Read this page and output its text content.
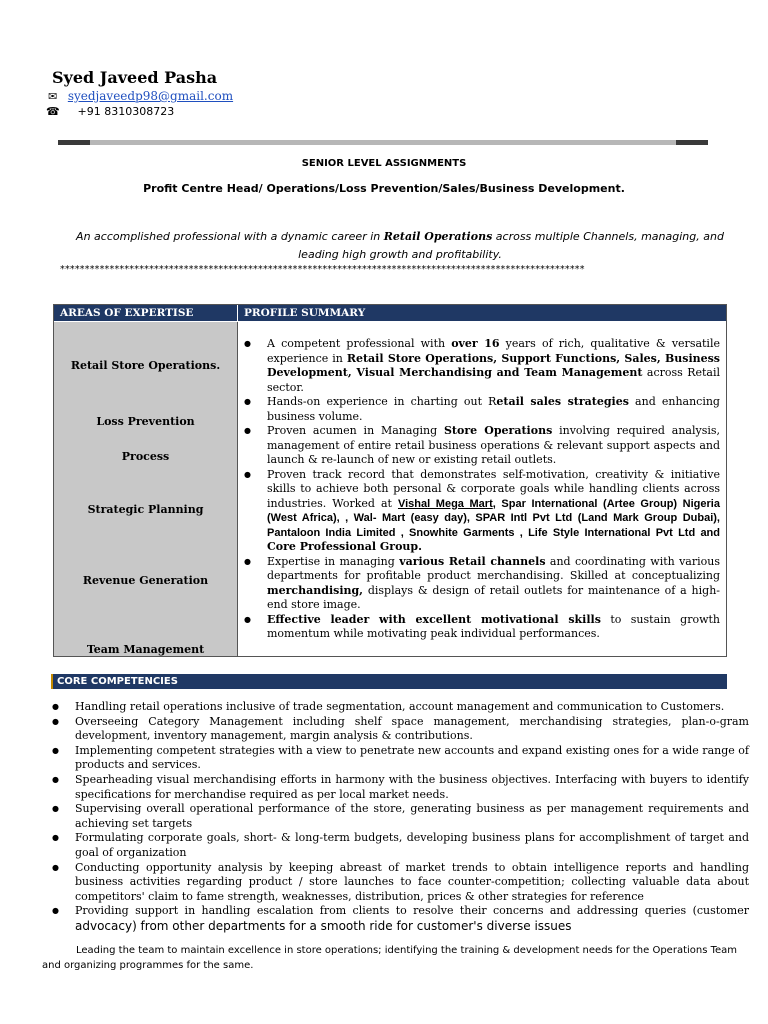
Syed Javeed Pasha
✉ syedjaveedp98@gmail.com
☎ +91 8310308723
SENIOR LEVEL ASSIGNMENTS
Profit Centre Head/ Operations/Loss Prevention/Sales/Business Development.
An accomplished professional with a dynamic career in Retail Operations across multiple Channels, managing, and leading high growth and profitability.
**********************************************************************************************************
AREAS OF EXPERTISE	PROFILE SUMMARY
Retail Store Operations.
Loss Prevention
Process
Strategic Planning
Revenue Generation
Team Management
● A competent professional with over 16 years of rich, qualitative & versatile experience in Retail Store Operations, Support Functions, Sales, Business Development, Visual Merchandising and Team Management across Retail sector.
● Hands-on experience in charting out Retail sales strategies and enhancing business volume.
● Proven acumen in Managing Store Operations involving required analysis, management of entire retail business operations & relevant support aspects and launch & re-launch of new or existing retail outlets.
● Proven track record that demonstrates self-motivation, creativity & initiative skills to achieve both personal & corporate goals while handling clients across industries. Worked at Vishal Mega Mart, Spar International (Artee Group) Nigeria (West Africa), , Wal- Mart (easy day), SPAR Intl Pvt Ltd (Land Mark Group Dubai), Pantaloon India Limited , Snowhite Garments , Life Style International Pvt Ltd and Core Professional Group.
● Expertise in managing various Retail channels and coordinating with various departments for profitable product merchandising. Skilled at conceptualizing merchandising, displays & design of retail outlets for maintenance of a high-end store image.
● Effective leader with excellent motivational skills to sustain growth momentum while motivating peak individual performances.
CORE COMPETENCIES
● Handling retail operations inclusive of trade segmentation, account management and communication to Customers.
● Overseeing Category Management including shelf space management, merchandising strategies, plan-o-gram development, inventory management, margin analysis & contributions.
● Implementing competent strategies with a view to penetrate new accounts and expand existing ones for a wide range of products and services.
● Spearheading visual merchandising efforts in harmony with the business objectives. Interfacing with buyers to identify specifications for merchandise required as per local market needs.
● Supervising overall operational performance of the store, generating business as per management requirements and achieving set targets
● Formulating corporate goals, short- & long-term budgets, developing business plans for accomplishment of target and goal of organization
● Conducting opportunity analysis by keeping abreast of market trends to obtain intelligence reports and handling business activities regarding product / store launches to face counter-competition; collecting valuable data about competitors' claim to fame strength, weaknesses, distribution, prices & other strategies for reference
● Providing support in handling escalation from clients to resolve their concerns and addressing queries (customer advocacy) from other departments for a smooth ride for customer's diverse issues
Leading the team to maintain excellence in store operations; identifying the training & development needs for the Operations Team and organizing programmes for the same.
